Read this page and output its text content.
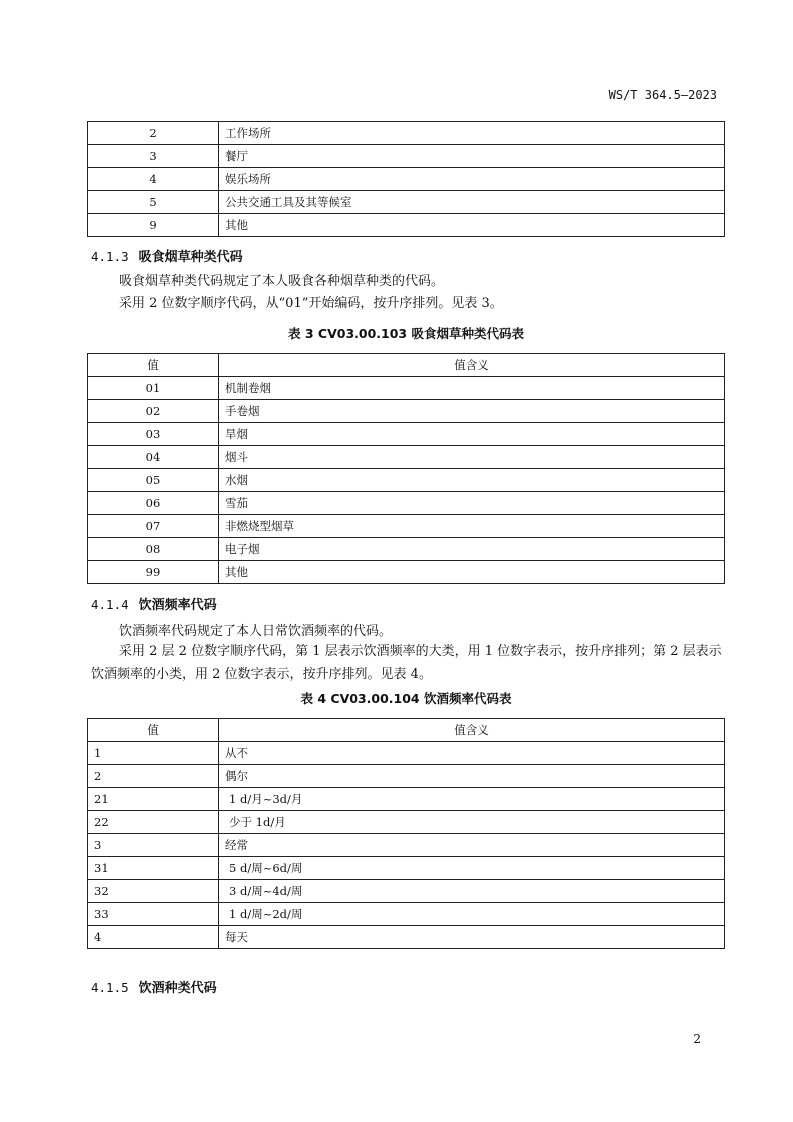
WS/T 364.5—2023
2	工作场所
3	餐厅
4	娱乐场所
5	公共交通工具及其等候室
9	其他
4.1.3 吸食烟草种类代码

吸食烟草种类代码规定了本人吸食各种烟草种类的代码。

采用 2 位数字顺序代码，从“01”开始编码，按升序排列。见表 3。

表 3 CV03.00.103 吸食烟草种类代码表
值	值含义
01	机制卷烟
02	手卷烟
03	旱烟
04	烟斗
05	水烟
06	雪茄
07	非燃烧型烟草
08	电子烟
99	其他
4.1.4 饮酒频率代码

饮酒频率代码规定了本人日常饮酒频率的代码。

采用 2 层 2 位数字顺序代码，第 1 层表示饮酒频率的大类，用 1 位数字表示，按升序排列；第 2 层表示饮酒频率的小类，用 2 位数字表示，按升序排列。见表 4。

表 4 CV03.00.104 饮酒频率代码表
值	值含义
1	从不
2	偶尔
21	1 d/月~3d/月
22	少于 1d/月
3	经常
31	5 d/周~6d/周
32	3 d/周~4d/周
33	1 d/周~2d/周
4	每天
4.1.5 饮酒种类代码
2
